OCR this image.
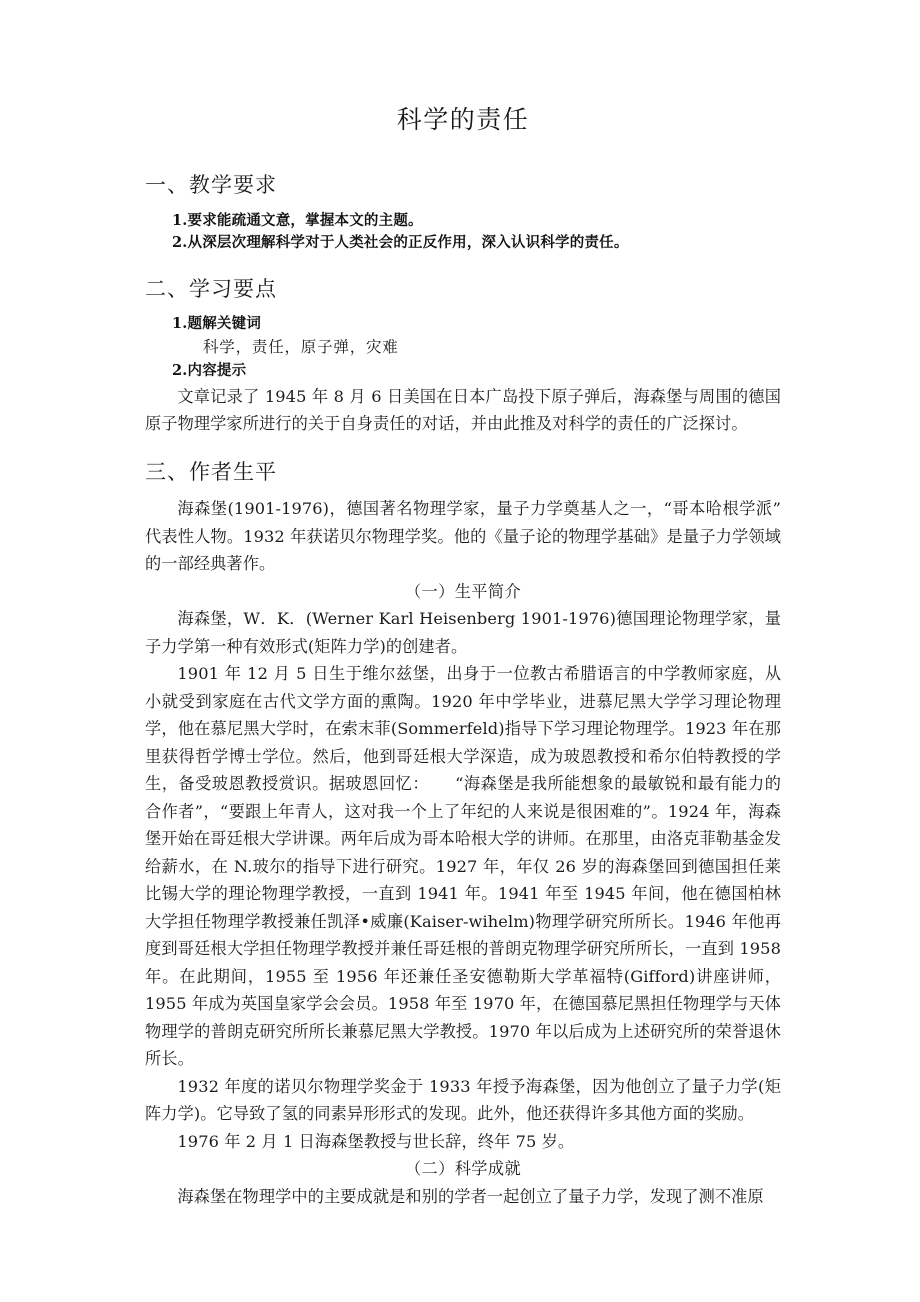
科学的责任
一、教学要求

1.要求能疏通文意，掌握本文的主题。

2.从深层次理解科学对于人类社会的正反作用，深入认识科学的责任。

二、学习要点

1.题解关键词

科学，责任，原子弹，灾难

2.内容提示

文章记录了 1945 年 8 月 6 日美国在日本广岛投下原子弹后，海森堡与周围的德国原子物理学家所进行的关于自身责任的对话，并由此推及对科学的责任的广泛探讨。

三、作者生平

海森堡(1901-1976)，德国著名物理学家，量子力学奠基人之一，“哥本哈根学派”代表性人物。1932 年获诺贝尔物理学奖。他的《量子论的物理学基础》是量子力学领域的一部经典著作。

（一）生平简介

海森堡，W．K．(Werner Karl Heisenberg 1901-1976)德国理论物理学家，量子力学第一种有效形式(矩阵力学)的创建者。

1901 年 12 月 5 日生于维尔兹堡，出身于一位教古希腊语言的中学教师家庭，从小就受到家庭在古代文学方面的熏陶。1920 年中学毕业，进慕尼黑大学学习理论物理学，他在慕尼黑大学时，在索末菲(Sommerfeld)指导下学习理论物理学。1923 年在那里获得哲学博士学位。然后，他到哥廷根大学深造，成为玻恩教授和希尔伯特教授的学生，备受玻恩教授赏识。据玻恩回忆： “海森堡是我所能想象的最敏锐和最有能力的合作者”，“要跟上年青人，这对我一个上了年纪的人来说是很困难的”。1924 年，海森堡开始在哥廷根大学讲课。两年后成为哥本哈根大学的讲师。在那里，由洛克菲勒基金发给薪水，在 N.玻尔的指导下进行研究。1927 年，年仅 26 岁的海森堡回到德国担任莱比锡大学的理论物理学教授，一直到 1941 年。1941 年至 1945 年间，他在德国柏林大学担任物理学教授兼任凯泽•威廉(Kaiser-wihelm)物理学研究所所长。1946 年他再度到哥廷根大学担任物理学教授并兼任哥廷根的普朗克物理学研究所所长，一直到 1958 年。在此期间，1955 至 1956 年还兼任圣安德勒斯大学革福特(Gifford)讲座讲师，1955 年成为英国皇家学会会员。1958 年至 1970 年，在德国慕尼黑担任物理学与天体物理学的普朗克研究所所长兼慕尼黑大学教授。1970 年以后成为上述研究所的荣誉退休所长。

1932 年度的诺贝尔物理学奖金于 1933 年授予海森堡，因为他创立了量子力学(矩阵力学)。它导致了氢的同素异形形式的发现。此外，他还获得许多其他方面的奖励。

1976 年 2 月 1 日海森堡教授与世长辞，终年 75 岁。

（二）科学成就

海森堡在物理学中的主要成就是和别的学者一起创立了量子力学，发现了测不准原
